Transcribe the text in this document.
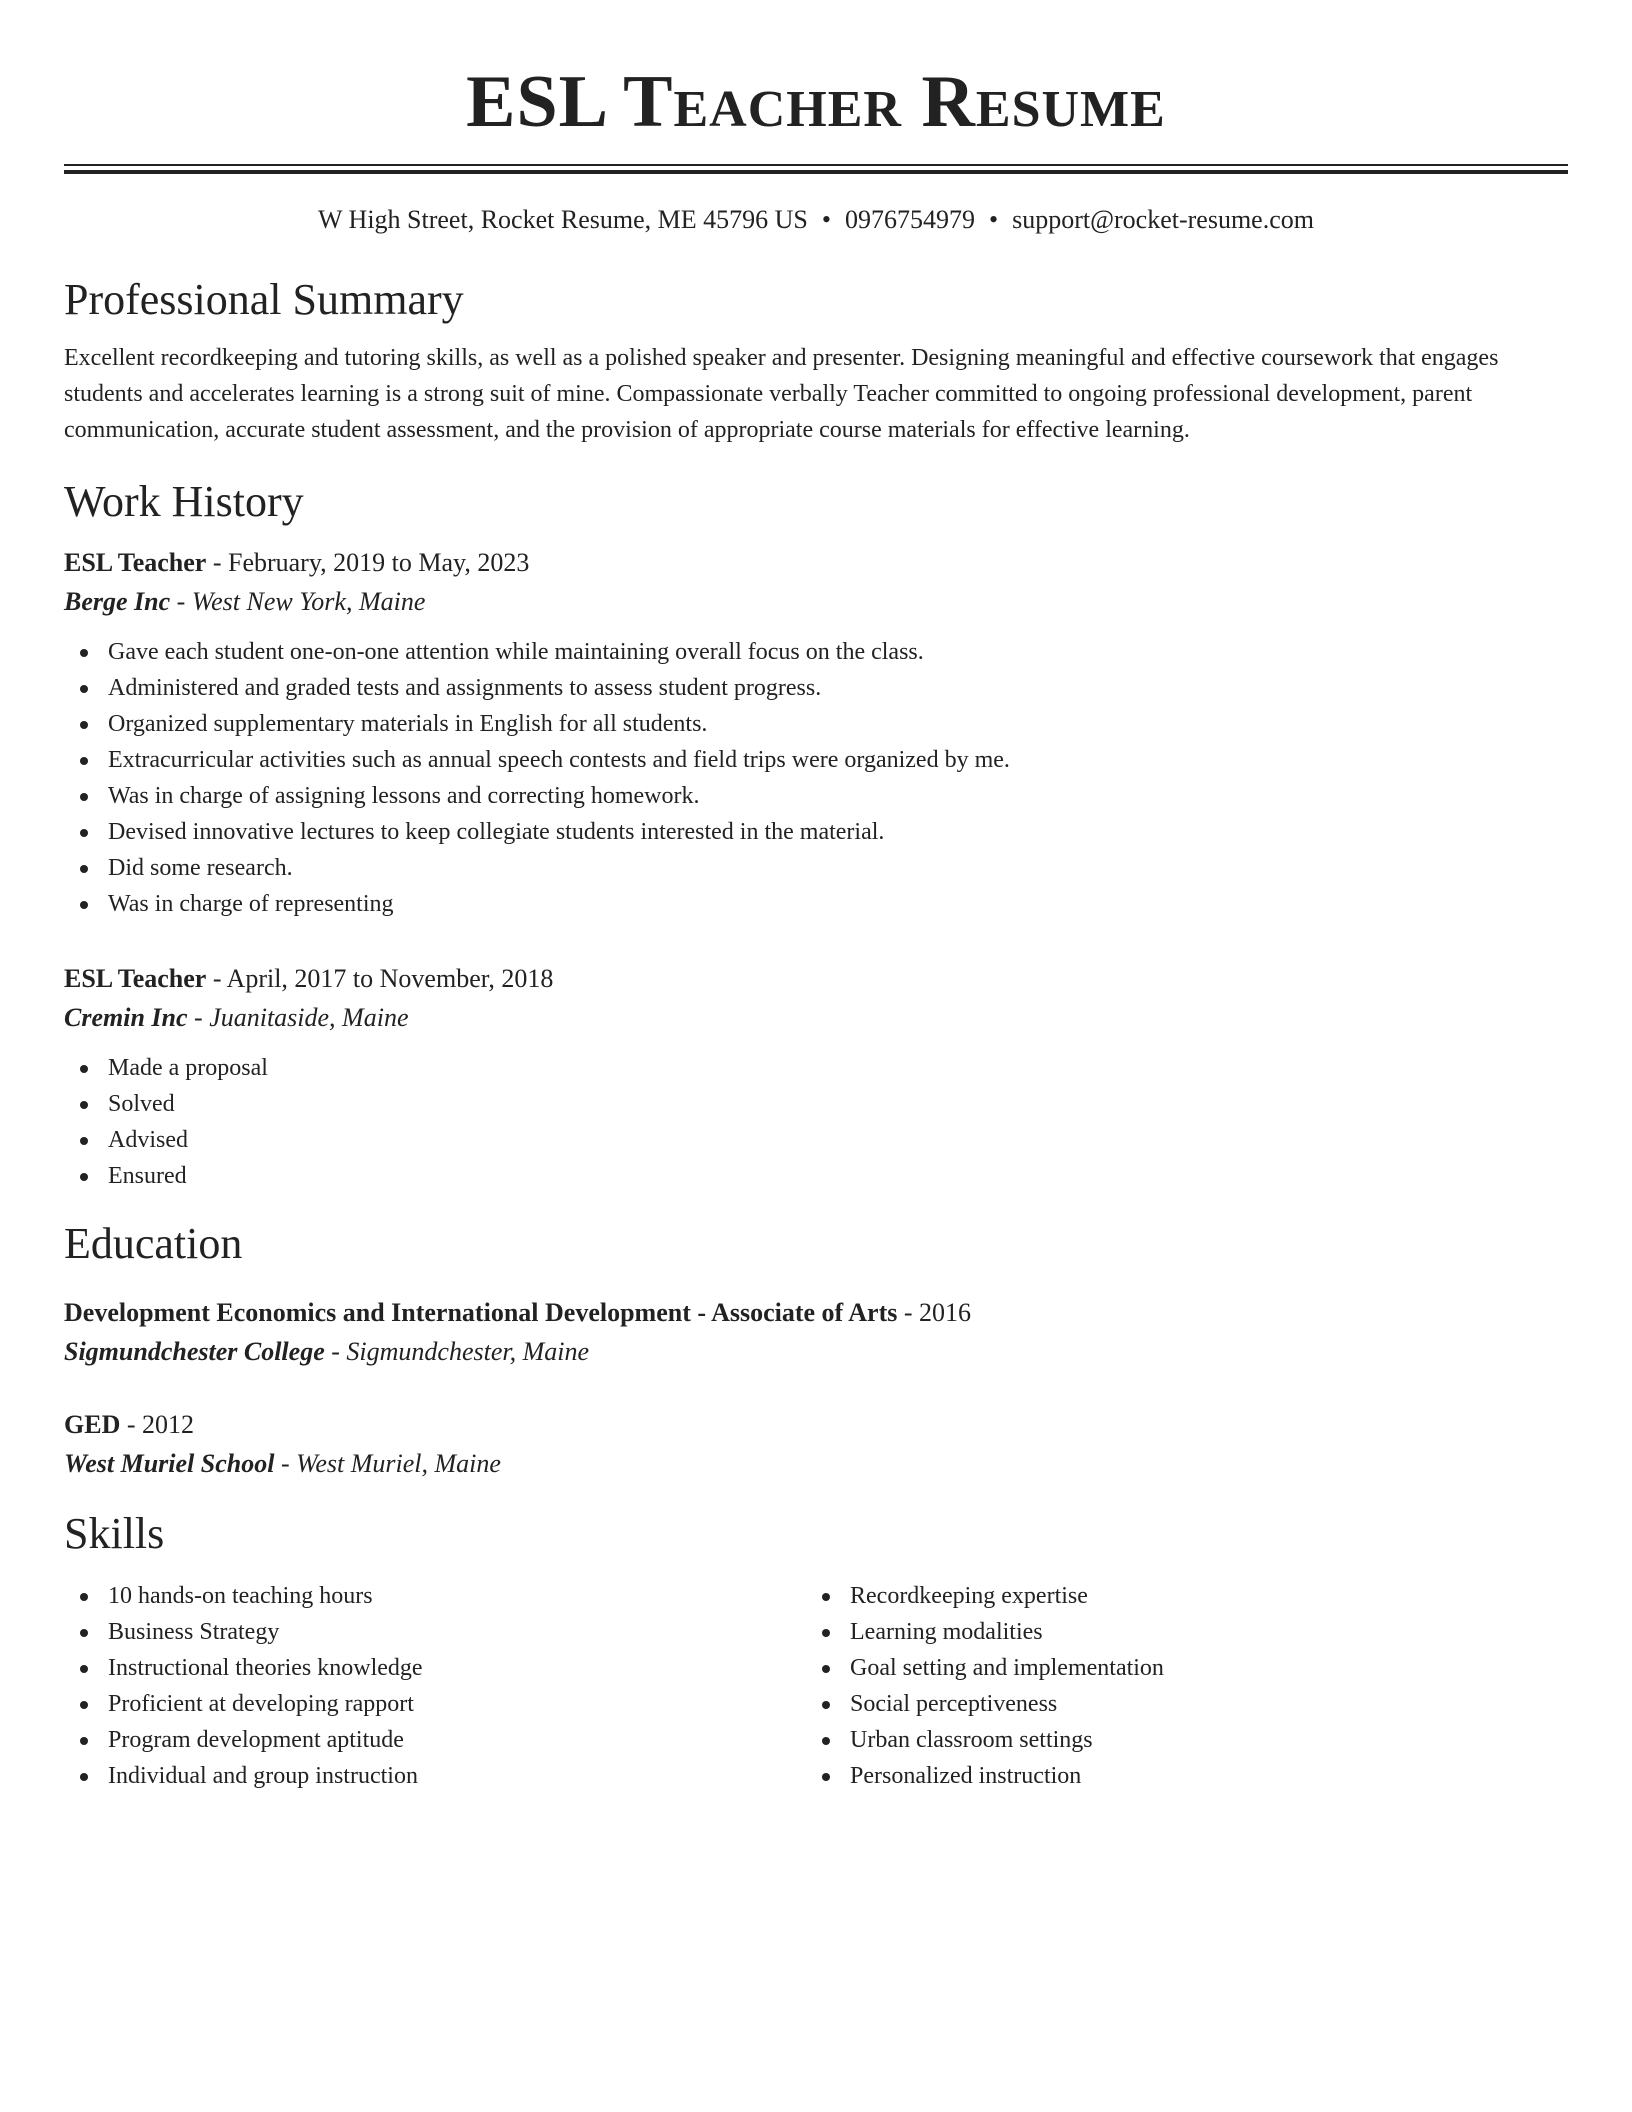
ESL Teacher Resume
W High Street, Rocket Resume, ME 45796 US • 0976754979 • support@rocket-resume.com
Professional Summary

Excellent recordkeeping and tutoring skills, as well as a polished speaker and presenter. Designing meaningful and effective coursework that engages students and accelerates learning is a strong suit of mine. Compassionate verbally Teacher committed to ongoing professional development, parent communication, accurate student assessment, and the provision of appropriate course materials for effective learning.

Work History
ESL Teacher - February, 2019 to May, 2023
Berge Inc - West New York, Maine
Gave each student one-on-one attention while maintaining overall focus on the class.
Administered and graded tests and assignments to assess student progress.
Organized supplementary materials in English for all students.
Extracurricular activities such as annual speech contests and field trips were organized by me.
Was in charge of assigning lessons and correcting homework.
Devised innovative lectures to keep collegiate students interested in the material.
Did some research.
Was in charge of representing
ESL Teacher - April, 2017 to November, 2018
Cremin Inc - Juanitaside, Maine
Made a proposal
Solved
Advised
Ensured
Education
Development Economics and International Development - Associate of Arts - 2016
Sigmundchester College - Sigmundchester, Maine
GED - 2012
West Muriel School - West Muriel, Maine
Skills
10 hands-on teaching hours
Business Strategy
Instructional theories knowledge
Proficient at developing rapport
Program development aptitude
Individual and group instruction
Recordkeeping expertise
Learning modalities
Goal setting and implementation
Social perceptiveness
Urban classroom settings
Personalized instruction
